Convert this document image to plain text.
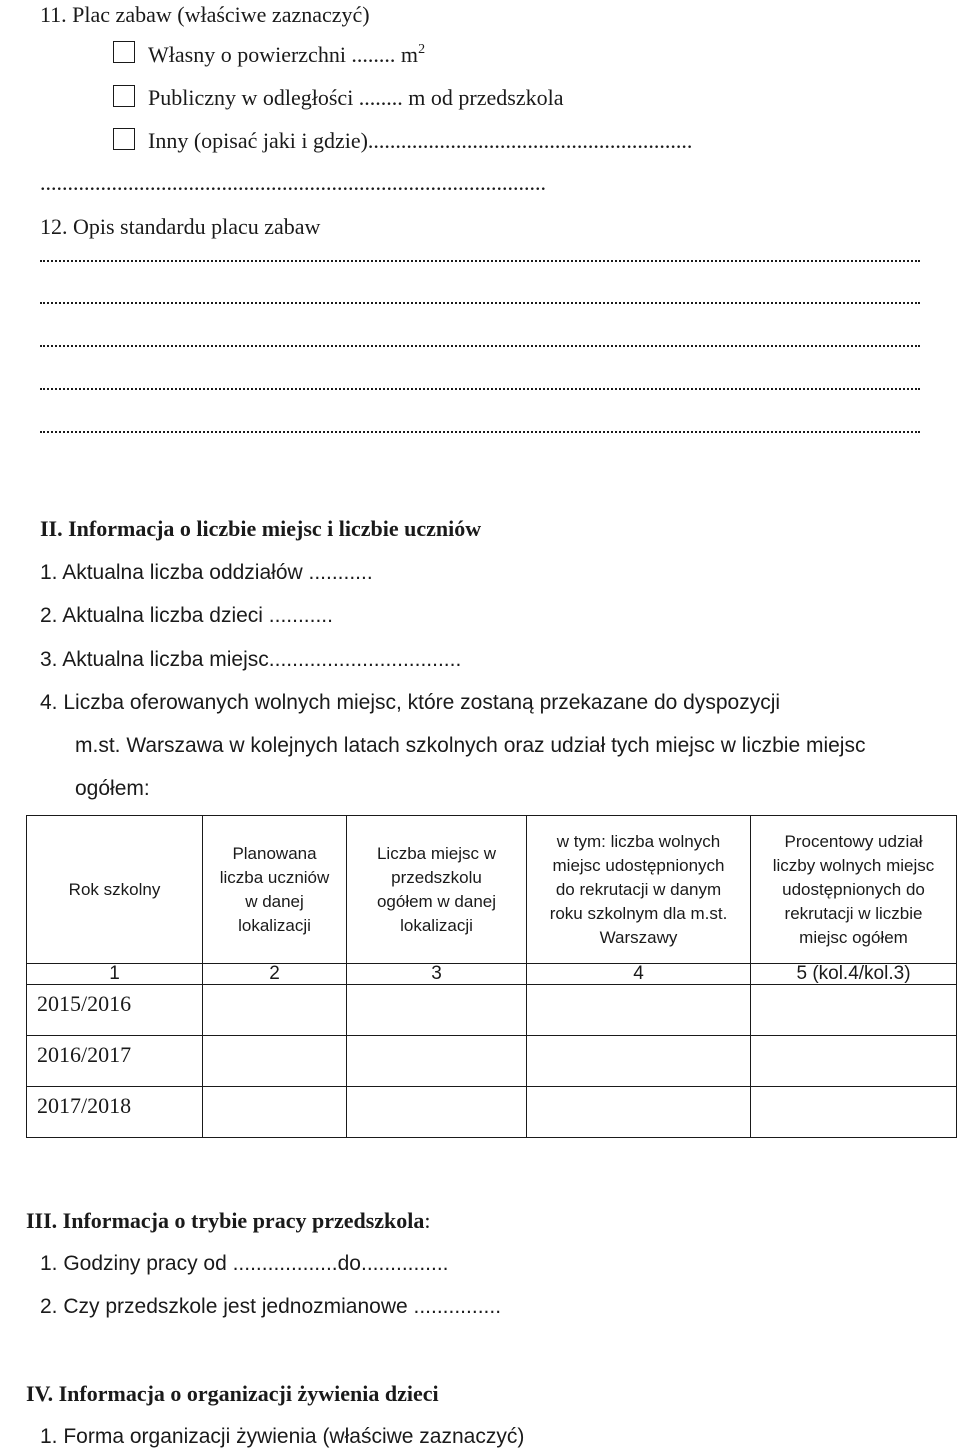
11. Plac zabaw (właściwe zaznaczyć)
Własny o powierzchni ........ $m^2$
Publiczny w odległości ........ m od przedszkola
Inny (opisać jaki i gdzie)...........................................................
............................................................................................
12. Opis standardu placu zabaw
II. Informacja o liczbie miejsc i liczbie uczniów
1. Aktualna liczba oddziałów ...........
2. Aktualna liczba dzieci ...........
3. Aktualna liczba miejsc.................................
4. Liczba oferowanych wolnych miejsc, które zostaną przekazane do dyspozycji
m.st. Warszawa w kolejnych latach szkolnych oraz udział tych miejsc w liczbie miejsc
ogółem:
Rok szkolny	Planowana liczba uczniów w danej lokalizacji	Liczba miejsc w przedszkolu ogółem w danej lokalizacji	w tym: liczba wolnych miejsc udostępnionych do rekrutacji w danym roku szkolnym dla m.st. Warszawy	Procentowy udział liczby wolnych miejsc udostępnionych do rekrutacji w liczbie miejsc ogółem
1	2	3	4	5 (kol.4/kol.3)
2015/2016				
2016/2017				
2017/2018				
III. Informacja o trybie pracy przedszkola:
1. Godziny pracy od ..................do...............
2. Czy przedszkole jest jednozmianowe ...............
IV. Informacja o organizacji żywienia dzieci
1. Forma organizacji żywienia (właściwe zaznaczyć)
